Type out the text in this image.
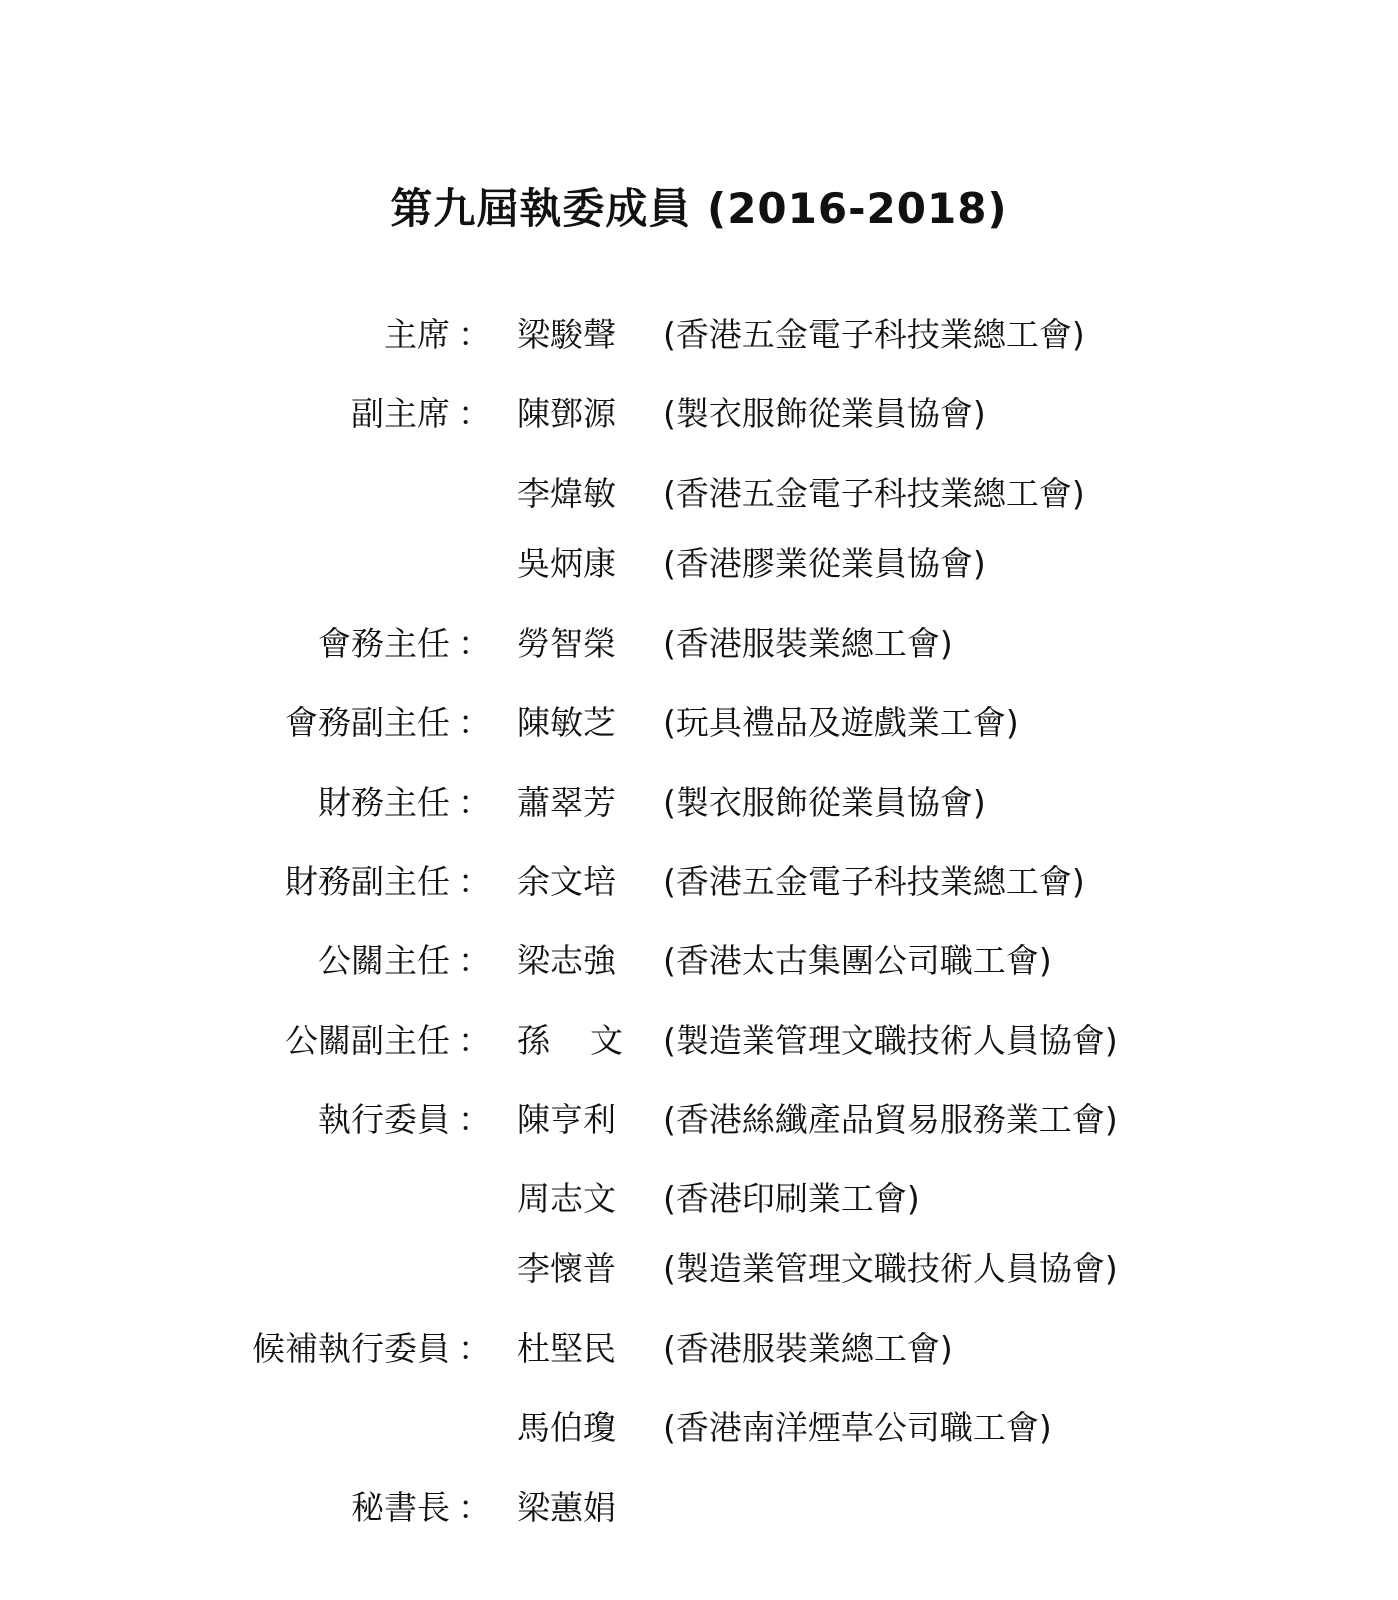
第九屆執委成員 (2016-2018)
主席 ： 梁駿聲 (香港五金電子科技業總工會)
副主席 ： 陳鄧源 (製衣服飾從業員協會)
李煒敏 (香港五金電子科技業總工會)
吳炳康 (香港膠業從業員協會)
會務主任 ： 勞智榮 (香港服裝業總工會)
會務副主任 ： 陳敏芝 (玩具禮品及遊戲業工會)
財務主任 ： 蕭翠芳 (製衣服飾從業員協會)
財務副主任 ： 余文培 (香港五金電子科技業總工會)
公關主任 ： 梁志強 (香港太古集團公司職工會)
公關副主任 ： 孫文 (製造業管理文職技術人員協會)
執行委員 ： 陳亨利 (香港絲纖產品貿易服務業工會)
周志文 (香港印刷業工會)
李懷普 (製造業管理文職技術人員協會)
候補執行委員 ： 杜堅民 (香港服裝業總工會)
馬伯瓊 (香港南洋煙草公司職工會)
秘書長 ： 梁蕙娟
